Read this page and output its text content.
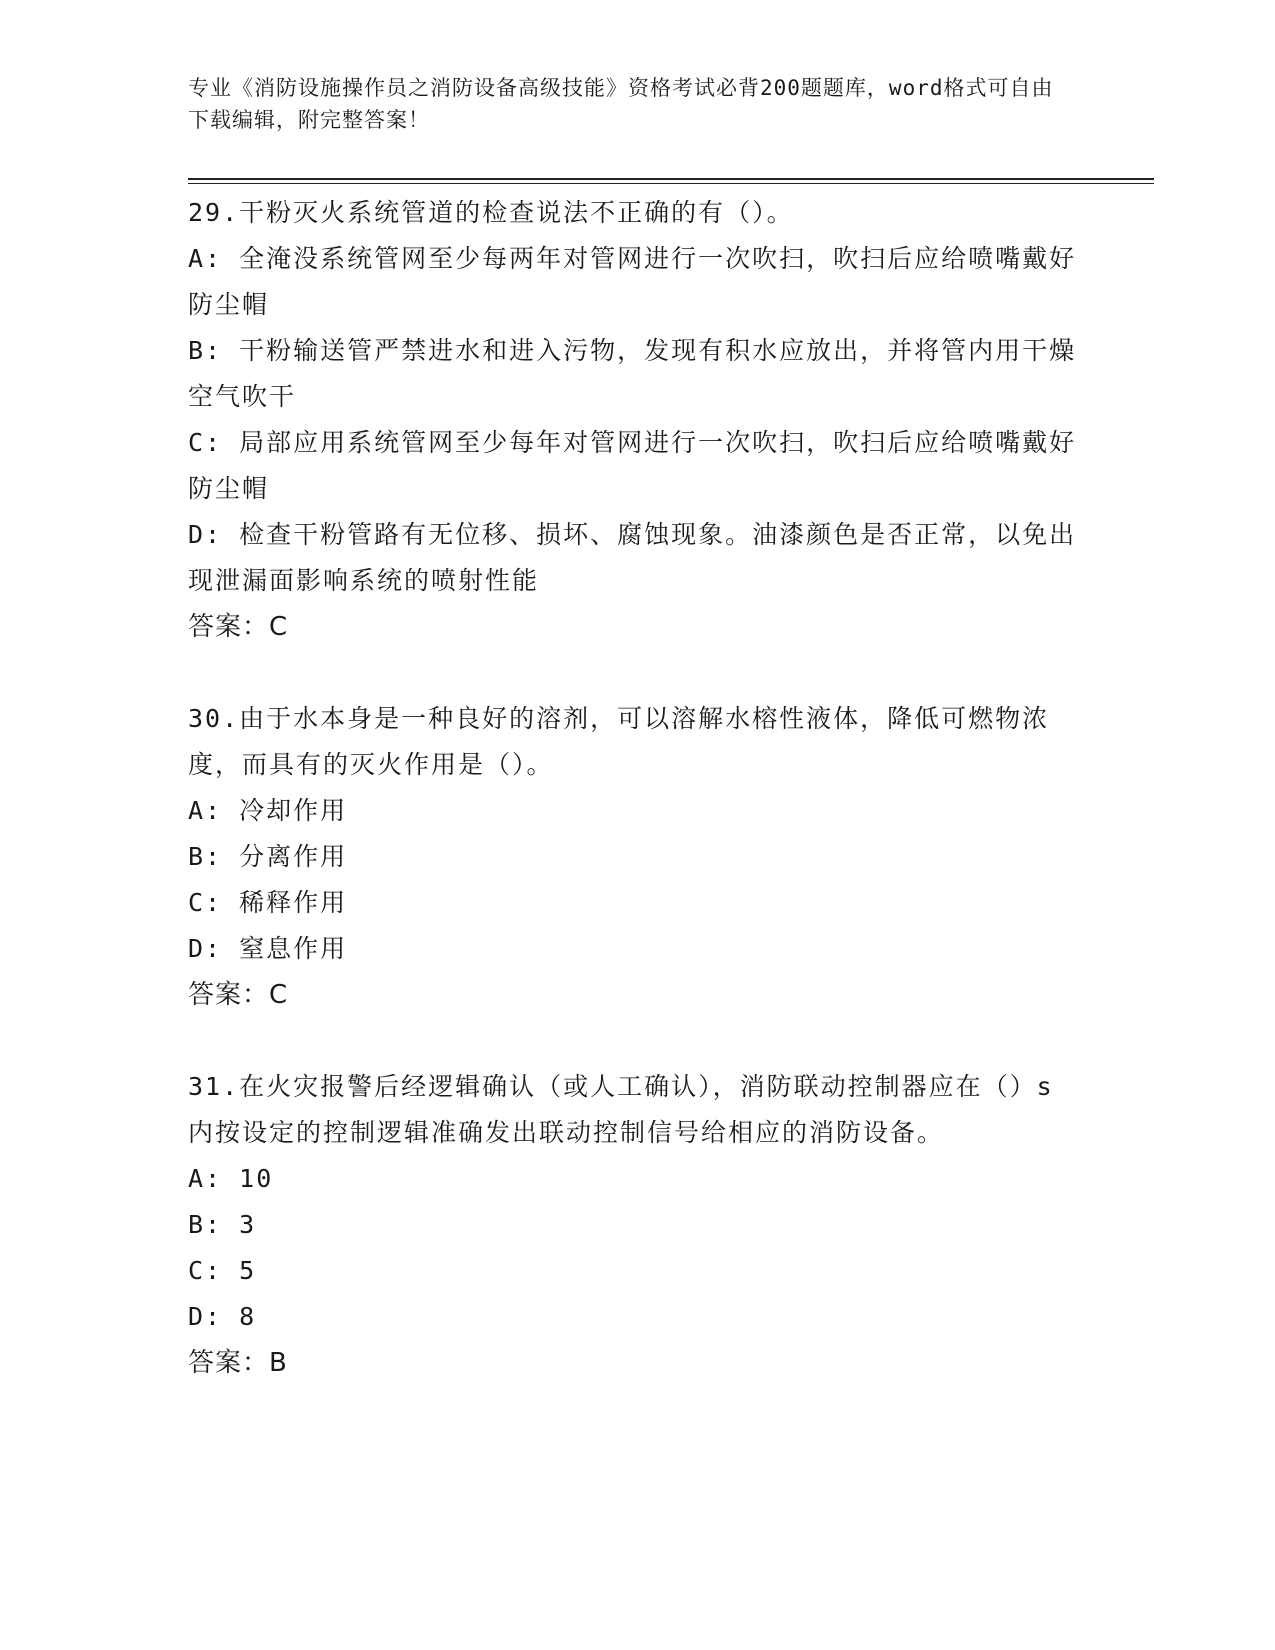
专业《消防设施操作员之消防设备高级技能》资格考试必背200题题库，word格式可自由下载编辑，附完整答案！
29.干粉灭火系统管道的检查说法不正确的有（）。
A: 全淹没系统管网至少每两年对管网进行一次吹扫，吹扫后应给喷嘴戴好防尘帽
B: 干粉输送管严禁进水和进入污物，发现有积水应放出，并将管内用干燥空气吹干
C: 局部应用系统管网至少每年对管网进行一次吹扫，吹扫后应给喷嘴戴好防尘帽
D: 检查干粉管路有无位移、损坏、腐蚀现象。油漆颜色是否正常，以免出现泄漏面影响系统的喷射性能
答案：C
30.由于水本身是一种良好的溶剂，可以溶解水榕性液体，降低可燃物浓度，而具有的灭火作用是（）。
A: 冷却作用
B: 分离作用
C: 稀释作用
D: 窒息作用
答案：C
31.在火灾报警后经逻辑确认（或人工确认），消防联动控制器应在（）s内按设定的控制逻辑准确发出联动控制信号给相应的消防设备。
A: 10
B: 3
C: 5
D: 8
答案：B
